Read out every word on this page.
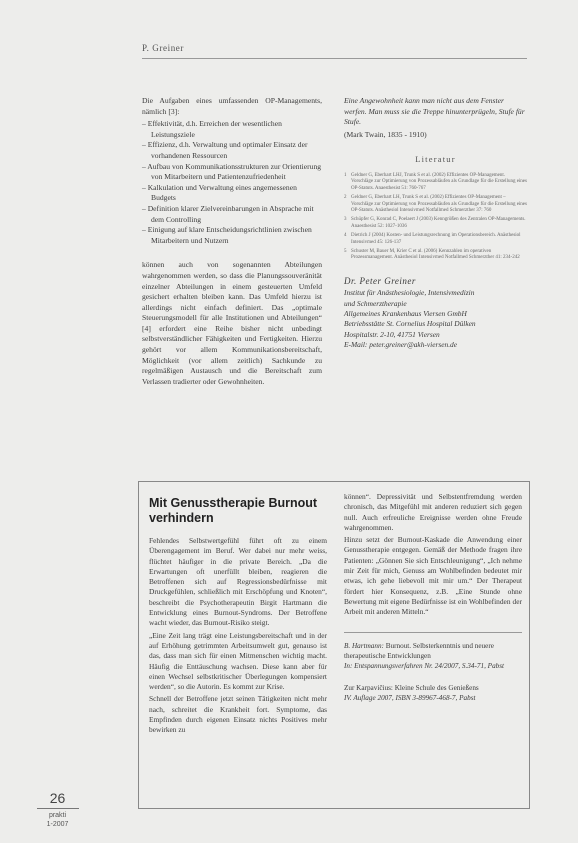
P. Greiner

Die Aufgaben eines umfassenden OP-Managements, nämlich [3]:

– Effektivität, d.h. Erreichen der wesentlichen Leistungsziele
– Effizienz, d.h. Verwaltung und optimaler Einsatz der vorhandenen Ressourcen
– Aufbau von Kommunikationsstrukturen zur Orientierung von Mitarbeitern und Patientenzufriedenheit
– Kalkulation und Verwaltung eines angemessenen Budgets
– Definition klarer Zielvereinbarungen in Absprache mit dem Controlling
– Einigung auf klare Entscheidungsrichtlinien zwischen Mitarbeitern und Nutzern

können auch von sogenannten Abteilungen wahrgenommen werden, so dass die Planungssouveränität einzelner Abteilungen in einem gesteuerten Umfeld gesichert erhalten bleiben kann. Das Umfeld hierzu ist allerdings nicht einfach definiert. Das „optimale Steuerungsmodell für alle Institutionen und Abteilungen“ [4] erfordert eine Reihe bisher nicht unbedingt selbstverständlicher Fähigkeiten und Fertigkeiten. Hierzu gehört vor allem Kommunikationsbereitschaft, Möglichkeit (vor allem zeitlich) Sachkunde zu regelmäßigen Austausch und die Bereitschaft zum Verlassen tradierter oder Gewohnheiten.

Eine Angewohnheit kann man nicht aus dem Fenster werfen. Man muss sie die Treppe hinunterprügeln, Stufe für Stufe.
(Mark Twain, 1835 - 1910)
Literatur
1 Geldner G, Eberhart LHJ, Trunk S et al. (2002) Effizientes OP-Management. Vorschläge zur Optimierung von Prozessabläufen als Grundlage für die Erstellung eines OP-Statuts. Anaesthesist 51: 760-767
2 Geldner G, Eberhart LH, Trunk S et al. (2002) Effizientes OP-Management – Vorschläge zur Optimierung von Prozessabläufen als Grundlage für die Erstellung eines OP-Statuts. Anästhesiol Intensivmed Notfallmed Schmerzther 37: 760
3 Schüpfer G, Konrad C, Poelaert J (2003) Kenngrößen des Zentralen OP-Managements. Anaesthesist 52: 1027-1036
4 Dietrich J (2004) Kosten- und Leistungsrechnung im Operationsbereich. Anästhesiol Intensivmed 45: 126-137
5 Schuster M, Bauer M, Krier C et al. (2006) Kennzahlen im operativen Prozessmanagement. Anästhesiol Intensivmed Notfallmed Schmerzther 41: 234-242
Dr. Peter Greiner
Institut für Anästhesiologie, Intensivmedizin
und Schmerztherapie
Allgemeines Krankenhaus Viersen GmbH
Betriebsstätte St. Cornelius Hospital Dülken
Hospitalstr. 2-10, 41751 Viersen
E-Mail: peter.greiner@akh-viersen.de
Mit Genusstherapie Burnout verhindern

Fehlendes Selbstwertgefühl führt oft zu einem Überengagement im Beruf. Wer dabei nur mehr weiss, flüchtet häufiger in die private Bereich. „Da die Erwartungen oft unerfüllt bleiben, reagieren die Betroffenen sich auf Regressionsbedürfnisse mit Druckgefühlen, schließlich mit Erschöpfung und Knoten“, beschreibt die Psychotherapeutin Birgit Hartmann die Entwicklung eines Burnout-Syndroms. Der Betroffene wacht wieder, das Burnout-Risiko steigt.

„Eine Zeit lang trägt eine Leistungsbereitschaft und in der auf Erhöhung getrimmten Arbeitsumwelt gut, genauso ist das, dass man sich für einen Mitmenschen wichtig macht. Häufig die Enttäuschung wachsen. Diese kann aber für einen Wechsel selbstkritischer Überlegungen kompensiert werden“, so die Autorin. Es kommt zur Krise.

Schnell der Betroffene jetzt seinen Tätigkeiten nicht mehr nach, schreitet die Krankheit fort. Symptome, das Empfinden durch eigenen Einsatz nichts Positives mehr bewirken zu

können“. Depressivität und Selbstentfremdung werden chronisch, das Mitgefühl mit anderen reduziert sich gegen null. Auch erfreuliche Ereignisse werden ohne Freude wahrgenommen.

Hinzu setzt der Burnout-Kaskade die Anwendung einer Genusstherapie entgegen. Gemäß der Methode fragen ihre Patienten: „Gönnen Sie sich Entschleunigung“, „Ich nehme mir Zeit für mich, Genuss am Wohlbefinden bedeutet mir etwas, ich gehe liebevoll mit mir um.“ Der Therapeut fördert hier Konsequenz, z.B. „Eine Stunde ohne Bewertung mit eigene Bedürfnisse ist ein Wohlbefinden der Arbeit mit anderen Mitteln.“

B. Hartmann: Burnout. Selbsterkenntnis und neuere therapeutische Entwicklungen
In: Entspannungsverfahren Nr. 24/2007, S.34-71, Pabst
Zur Karpavičius: Kleine Schule des Genießens
IV. Auflage 2007, ISBN 3-89967-468-7, Pabst
26
prakti
1-2007
